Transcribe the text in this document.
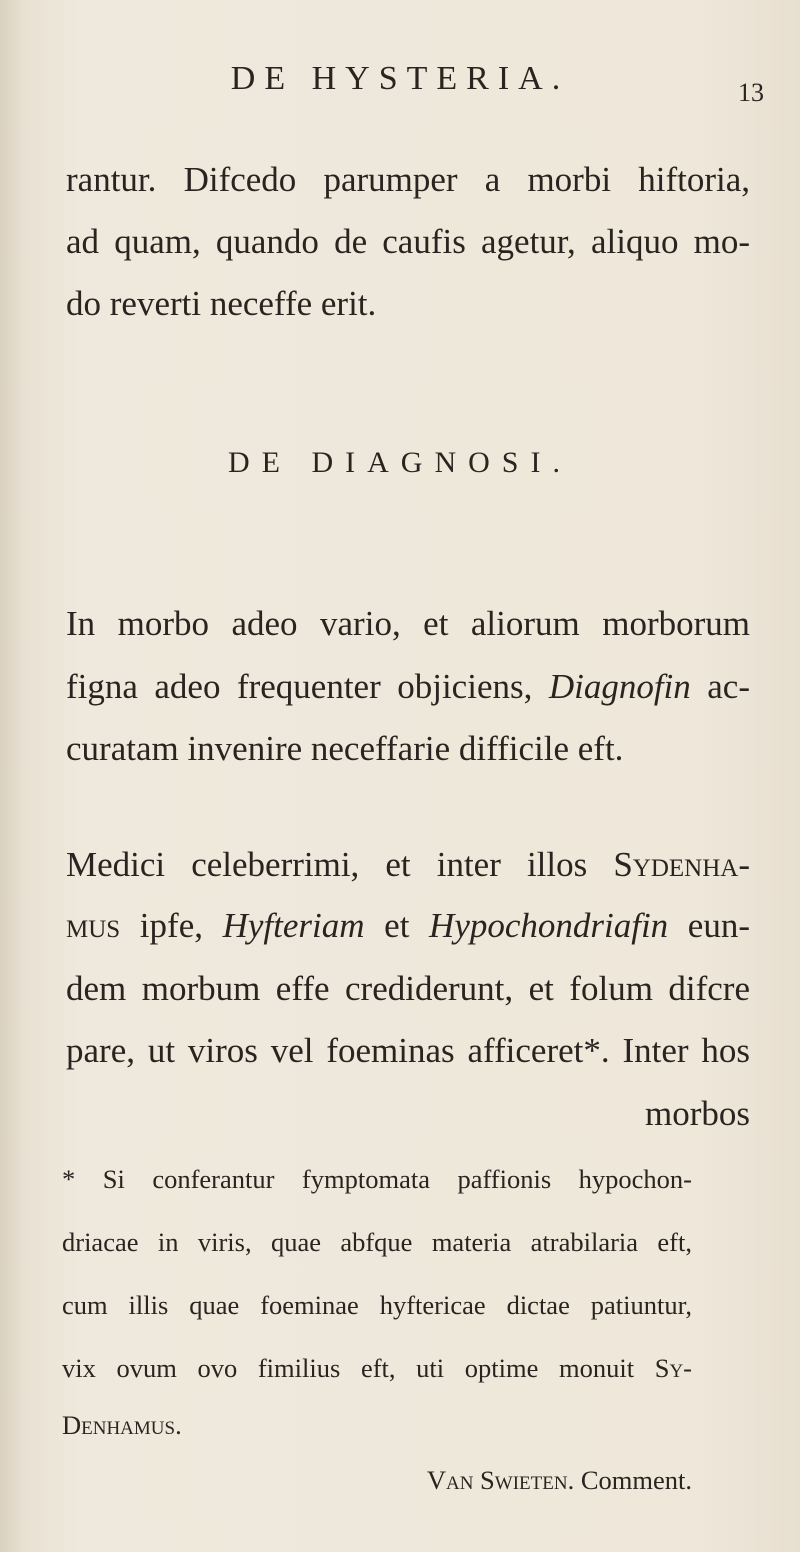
DE HYSTERIA.	13
DE DIAGNOSI.
rantur. Difcedo parumper a morbi hiftoria,
ad quam, quando de caufis agetur, aliquo mo-
do reverti neceffe erit.
In morbo adeo vario, et aliorum morborum
figna adeo frequenter objiciens, Diagnofin ac-
curatam invenire neceffarie difficile eft.
Medici celeberrimi, et inter illos Sydenha-
mus ipfe, Hyfteriam et Hypochondriafin eun-
dem morbum effe crediderunt, et folum difcre
pare, ut viros vel foeminas afficeret*. Inter hos
morbos
* Si conferantur fymptomata paffionis hypochon-
driacae in viris, quae abfque materia atrabilaria eft,
cum illis quae foeminae hyftericae dictae patiuntur,
vix ovum ovo fimilius eft, uti optime monuit Sy-
Denhamus.
Van Swieten. Comment.
